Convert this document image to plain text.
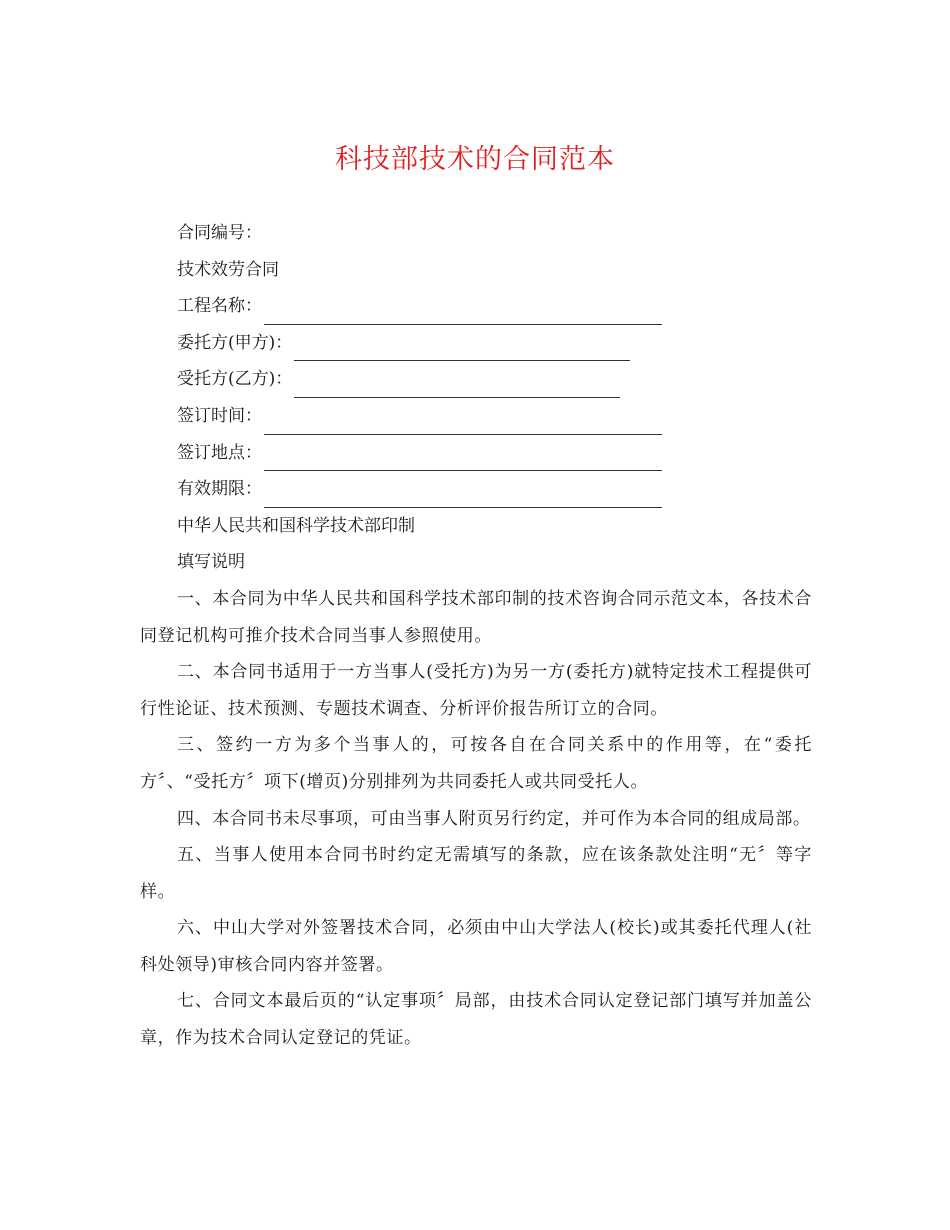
科技部技术的合同范本

合同编号：

技术效劳合同

工程名称：
委托方(甲方)：
受托方(乙方)：
签订时间：
签订地点：
有效期限：

中华人民共和国科学技术部印制

填写说明

一、本合同为中华人民共和国科学技术部印制的技术咨询合同示范文本，各技术合同登记机构可推介技术合同当事人参照使用。

二、本合同书适用于一方当事人(受托方)为另一方(委托方)就特定技术工程提供可行性论证、技术预测、专题技术调查、分析评价报告所订立的合同。

三、签约一方为多个当事人的，可按各自在合同关系中的作用等，在“委托方〞、“受托方〞项下(增页)分别排列为共同委托人或共同受托人。

四、本合同书未尽事项，可由当事人附页另行约定，并可作为本合同的组成局部。

五、当事人使用本合同书时约定无需填写的条款，应在该条款处注明“无〞等字样。

六、中山大学对外签署技术合同，必须由中山大学法人(校长)或其委托代理人(社科处领导)审核合同内容并签署。

七、合同文本最后页的“认定事项〞局部，由技术合同认定登记部门填写并加盖公章，作为技术合同认定登记的凭证。
